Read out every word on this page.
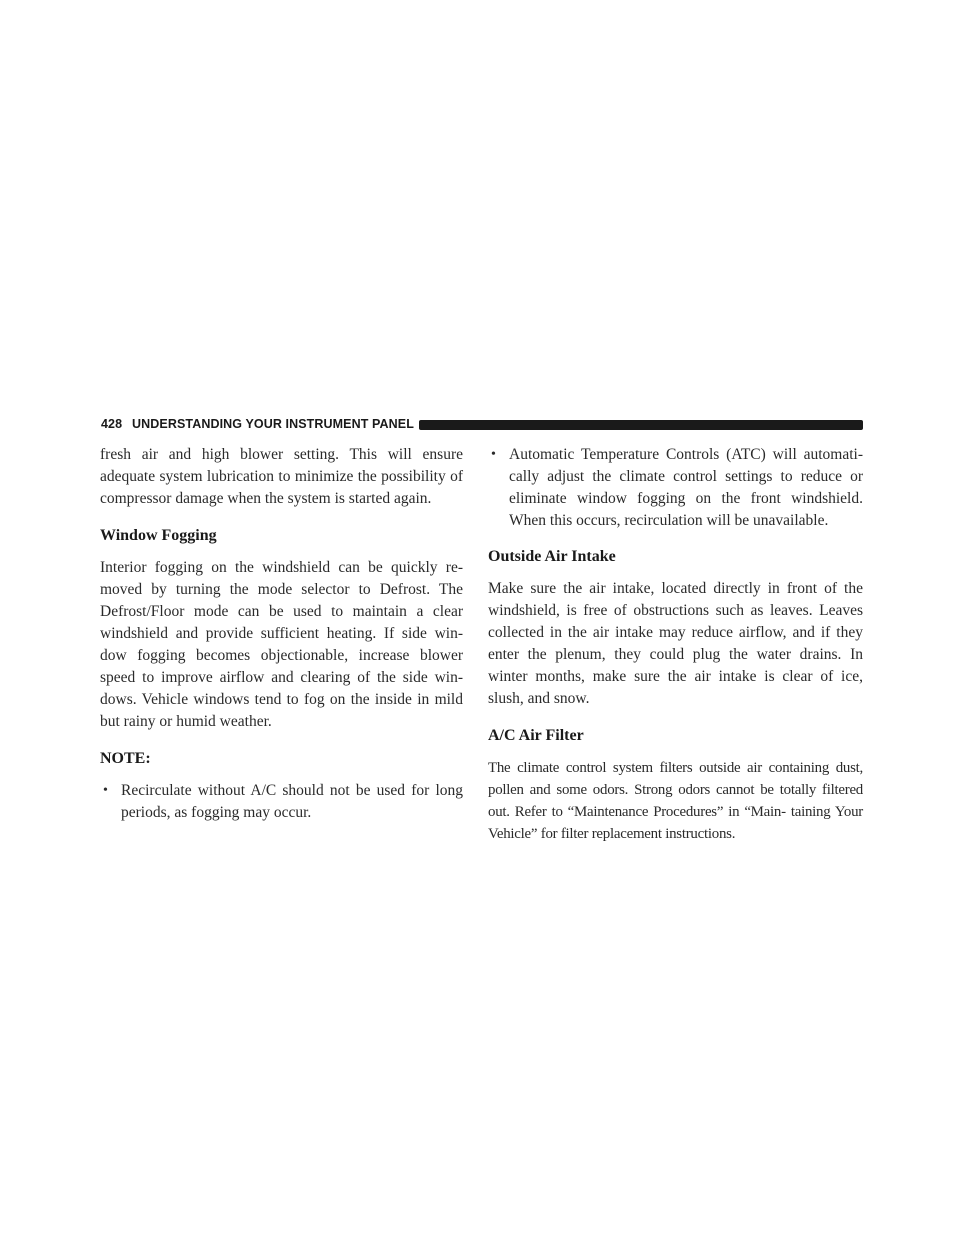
428 UNDERSTANDING YOUR INSTRUMENT PANEL

fresh air and high blower setting. This will ensure adequate system lubrication to minimize the possibility of compressor damage when the system is started again.

Window Fogging

Interior fogging on the windshield can be quickly re- moved by turning the mode selector to Defrost. The Defrost/Floor mode can be used to maintain a clear windshield and provide sufficient heating. If side win- dow fogging becomes objectionable, increase blower speed to improve airflow and clearing of the side win- dows. Vehicle windows tend to fog on the inside in mild but rainy or humid weather.

NOTE:
• Recirculate without A/C should not be used for long periods, as fogging may occur.
• Automatic Temperature Controls (ATC) will automati- cally adjust the climate control settings to reduce or eliminate window fogging on the front windshield. When this occurs, recirculation will be unavailable.
Outside Air Intake

Make sure the air intake, located directly in front of the windshield, is free of obstructions such as leaves. Leaves collected in the air intake may reduce airflow, and if they enter the plenum, they could plug the water drains. In winter months, make sure the air intake is clear of ice, slush, and snow.

A/C Air Filter

The climate control system filters outside air containing dust, pollen and some odors. Strong odors cannot be totally filtered out. Refer to “Maintenance Procedures” in “Main- taining Your Vehicle” for filter replacement instructions.
